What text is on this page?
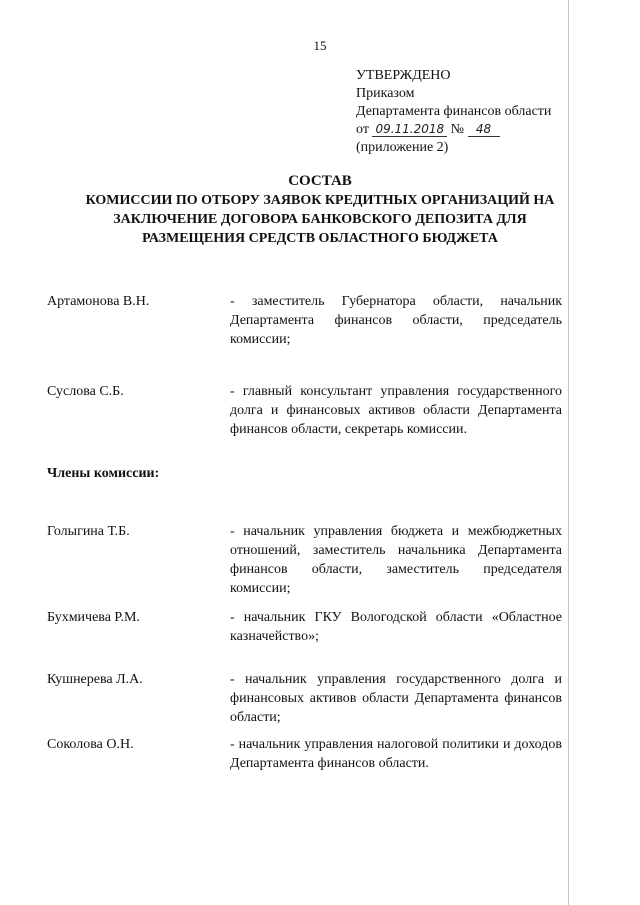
15
УТВЕРЖДЕНО
Приказом
Департамента финансов области
от 09.11.2018 № 48
(приложение 2)
СОСТАВ
КОМИССИИ ПО ОТБОРУ ЗАЯВОК КРЕДИТНЫХ ОРГАНИЗАЦИЙ НА
ЗАКЛЮЧЕНИЕ ДОГОВОРА БАНКОВСКОГО ДЕПОЗИТА ДЛЯ
РАЗМЕЩЕНИЯ СРЕДСТВ ОБЛАСТНОГО БЮДЖЕТА
Артамонова В.Н.	- заместитель Губернатора области, начальник Департамента финансов области, председатель комиссии;
Суслова С.Б.	- главный консультант управления государственного долга и финансовых активов области Департамента финансов области, секретарь комиссии.
Члены комиссии:
Голыгина Т.Б.	- начальник управления бюджета и межбюджетных отношений, заместитель начальника Департамента финансов области, заместитель председателя комиссии;
Бухмичева Р.М.	- начальник ГКУ Вологодской области «Областное казначейство»;
Кушнерева Л.А.	- начальник управления государственного долга и финансовых активов области Департамента финансов области;
Соколова О.Н.	- начальник управления налоговой политики и доходов Департамента финансов области.
